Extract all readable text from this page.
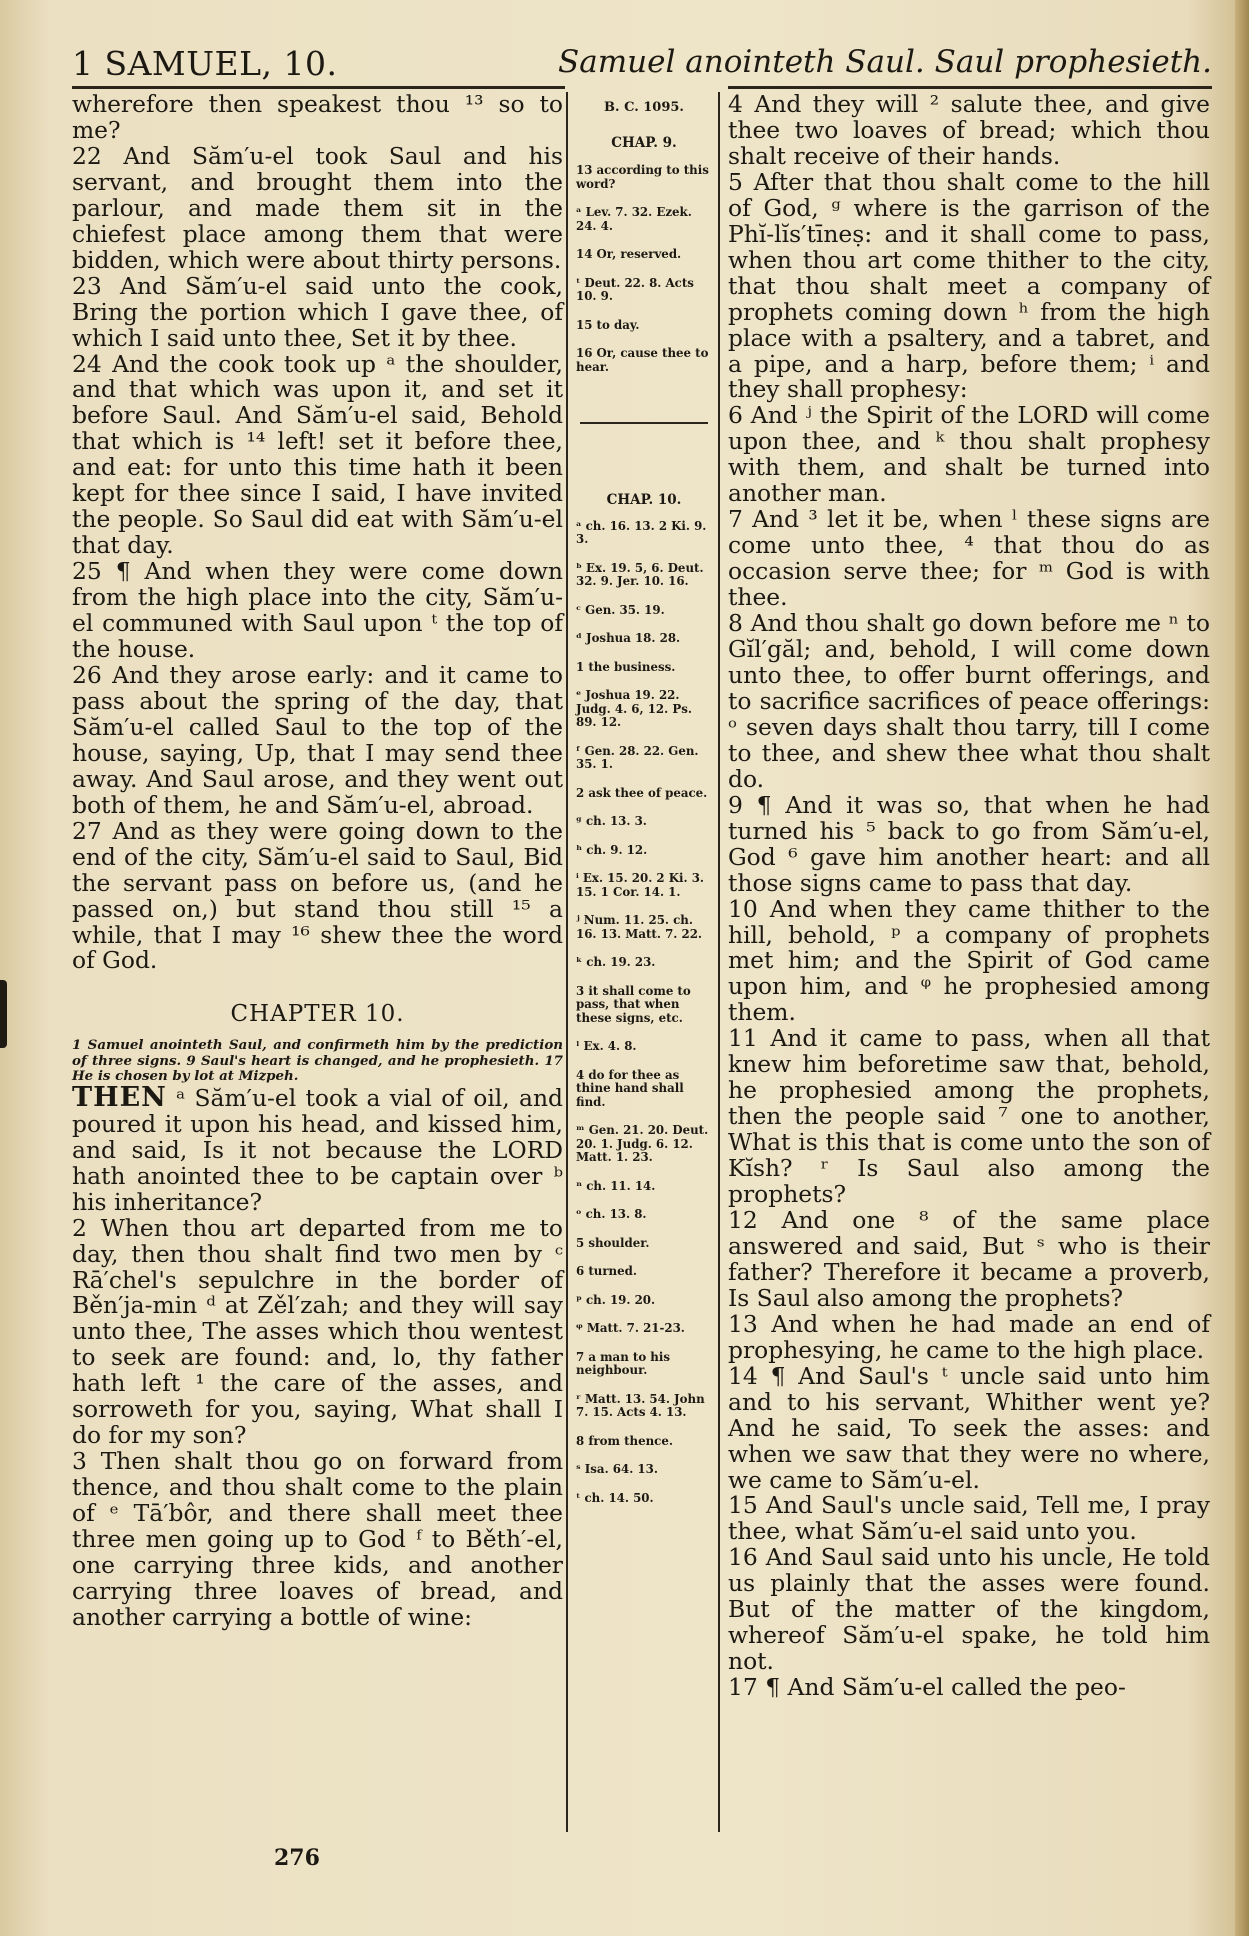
1 SAMUEL, 10.	Samuel anointeth Saul. Saul prophesieth.

wherefore then speakest thou ¹³ so to me?

22 And Săm′u-el took Saul and his servant, and brought them into the parlour, and made them sit in the chiefest place among them that were bidden, which were about thirty persons.

23 And Săm′u-el said unto the cook, Bring the portion which I gave thee, of which I said unto thee, Set it by thee.

24 And the cook took up ᵃ the shoulder, and that which was upon it, and set it before Saul. And Săm′u-el said, Behold that which is ¹⁴ left! set it before thee, and eat: for unto this time hath it been kept for thee since I said, I have invited the people. So Saul did eat with Săm′u-el that day.

25 ¶ And when they were come down from the high place into the city, Săm′u-el communed with Saul upon ᵗ the top of the house.

26 And they arose early: and it came to pass about the spring of the day, that Săm′u-el called Saul to the top of the house, saying, Up, that I may send thee away. And Saul arose, and they went out both of them, he and Săm′u-el, abroad.

27 And as they were going down to the end of the city, Săm′u-el said to Saul, Bid the servant pass on before us, (and he passed on,) but stand thou still ¹⁵ a while, that I may ¹⁶ shew thee the word of God.

CHAPTER 10.

1 Samuel anointeth Saul, and confirmeth him by the prediction of three signs. 9 Saul's heart is changed, and he prophesieth. 17 He is chosen by lot at Mizpeh.

THEN ᵃ Săm′u-el took a vial of oil, and poured it upon his head, and kissed him, and said, Is it not because the LORD hath anointed thee to be captain over ᵇ his inheritance?

2 When thou art departed from me to day, then thou shalt find two men by ᶜ Rā′chel's sepulchre in the border of Běn′ja-min ᵈ at Zěl′zah; and they will say unto thee, The asses which thou wentest to seek are found: and, lo, thy father hath left ¹ the care of the asses, and sorroweth for you, saying, What shall I do for my son?

3 Then shalt thou go on forward from thence, and thou shalt come to the plain of ᵉ Tā′bôr, and there shall meet thee three men going up to God ᶠ to Běth′-el, one carrying three kids, and another carrying three loaves of bread, and another carrying a bottle of wine:

B. C. 1095.
CHAP. 9.
13 according to this word?
ᵃ Lev. 7. 32. Ezek. 24. 4.
14 Or, reserved.
ᵗ Deut. 22. 8. Acts 10. 9.
15 to day.
16 Or, cause thee to hear.
CHAP. 10.
ᵃ ch. 16. 13. 2 Ki. 9. 3.
ᵇ Ex. 19. 5, 6. Deut. 32. 9. Jer. 10. 16.
ᶜ Gen. 35. 19.
ᵈ Joshua 18. 28.
1 the business.
ᵉ Joshua 19. 22. Judg. 4. 6, 12. Ps. 89. 12.
ᶠ Gen. 28. 22. Gen. 35. 1.
2 ask thee of peace.
ᵍ ch. 13. 3.
ʰ ch. 9. 12.
ⁱ Ex. 15. 20. 2 Ki. 3. 15. 1 Cor. 14. 1.
ʲ Num. 11. 25. ch. 16. 13. Matt. 7. 22.
ᵏ ch. 19. 23.
3 it shall come to pass, that when these signs, etc.
ˡ Ex. 4. 8.
4 do for thee as thine hand shall find.
ᵐ Gen. 21. 20. Deut. 20. 1. Judg. 6. 12. Matt. 1. 23.
ⁿ ch. 11. 14.
ᵒ ch. 13. 8.
5 shoulder.
6 turned.
ᵖ ch. 19. 20.
ᵠ Matt. 7. 21-23.
7 a man to his neighbour.
ʳ Matt. 13. 54. John 7. 15. Acts 4. 13.
8 from thence.
ˢ Isa. 64. 13.
ᵗ ch. 14. 50.

4 And they will ² salute thee, and give thee two loaves of bread; which thou shalt receive of their hands.

5 After that thou shalt come to the hill of God, ᵍ where is the garrison of the Phĭ-lĭs′tīneṣ: and it shall come to pass, when thou art come thither to the city, that thou shalt meet a company of prophets coming down ʰ from the high place with a psaltery, and a tabret, and a pipe, and a harp, before them; ⁱ and they shall prophesy:

6 And ʲ the Spirit of the LORD will come upon thee, and ᵏ thou shalt prophesy with them, and shalt be turned into another man.

7 And ³ let it be, when ˡ these signs are come unto thee, ⁴ that thou do as occasion serve thee; for ᵐ God is with thee.

8 And thou shalt go down before me ⁿ to Gĭl′găl; and, behold, I will come down unto thee, to offer burnt offerings, and to sacrifice sacrifices of peace offerings: ᵒ seven days shalt thou tarry, till I come to thee, and shew thee what thou shalt do.

9 ¶ And it was so, that when he had turned his ⁵ back to go from Săm′u-el, God ⁶ gave him another heart: and all those signs came to pass that day.

10 And when they came thither to the hill, behold, ᵖ a company of prophets met him; and the Spirit of God came upon him, and ᵠ he prophesied among them.

11 And it came to pass, when all that knew him beforetime saw that, behold, he prophesied among the prophets, then the people said ⁷ one to another, What is this that is come unto the son of Kĭsh? ʳ Is Saul also among the prophets?

12 And one ⁸ of the same place answered and said, But ˢ who is their father? Therefore it became a proverb, Is Saul also among the prophets?

13 And when he had made an end of prophesying, he came to the high place.

14 ¶ And Saul's ᵗ uncle said unto him and to his servant, Whither went ye? And he said, To seek the asses: and when we saw that they were no where, we came to Săm′u-el.

15 And Saul's uncle said, Tell me, I pray thee, what Săm′u-el said unto you.

16 And Saul said unto his uncle, He told us plainly that the asses were found. But of the matter of the kingdom, whereof Săm′u-el spake, he told him not.

17 ¶ And Săm′u-el called the peo-

276
